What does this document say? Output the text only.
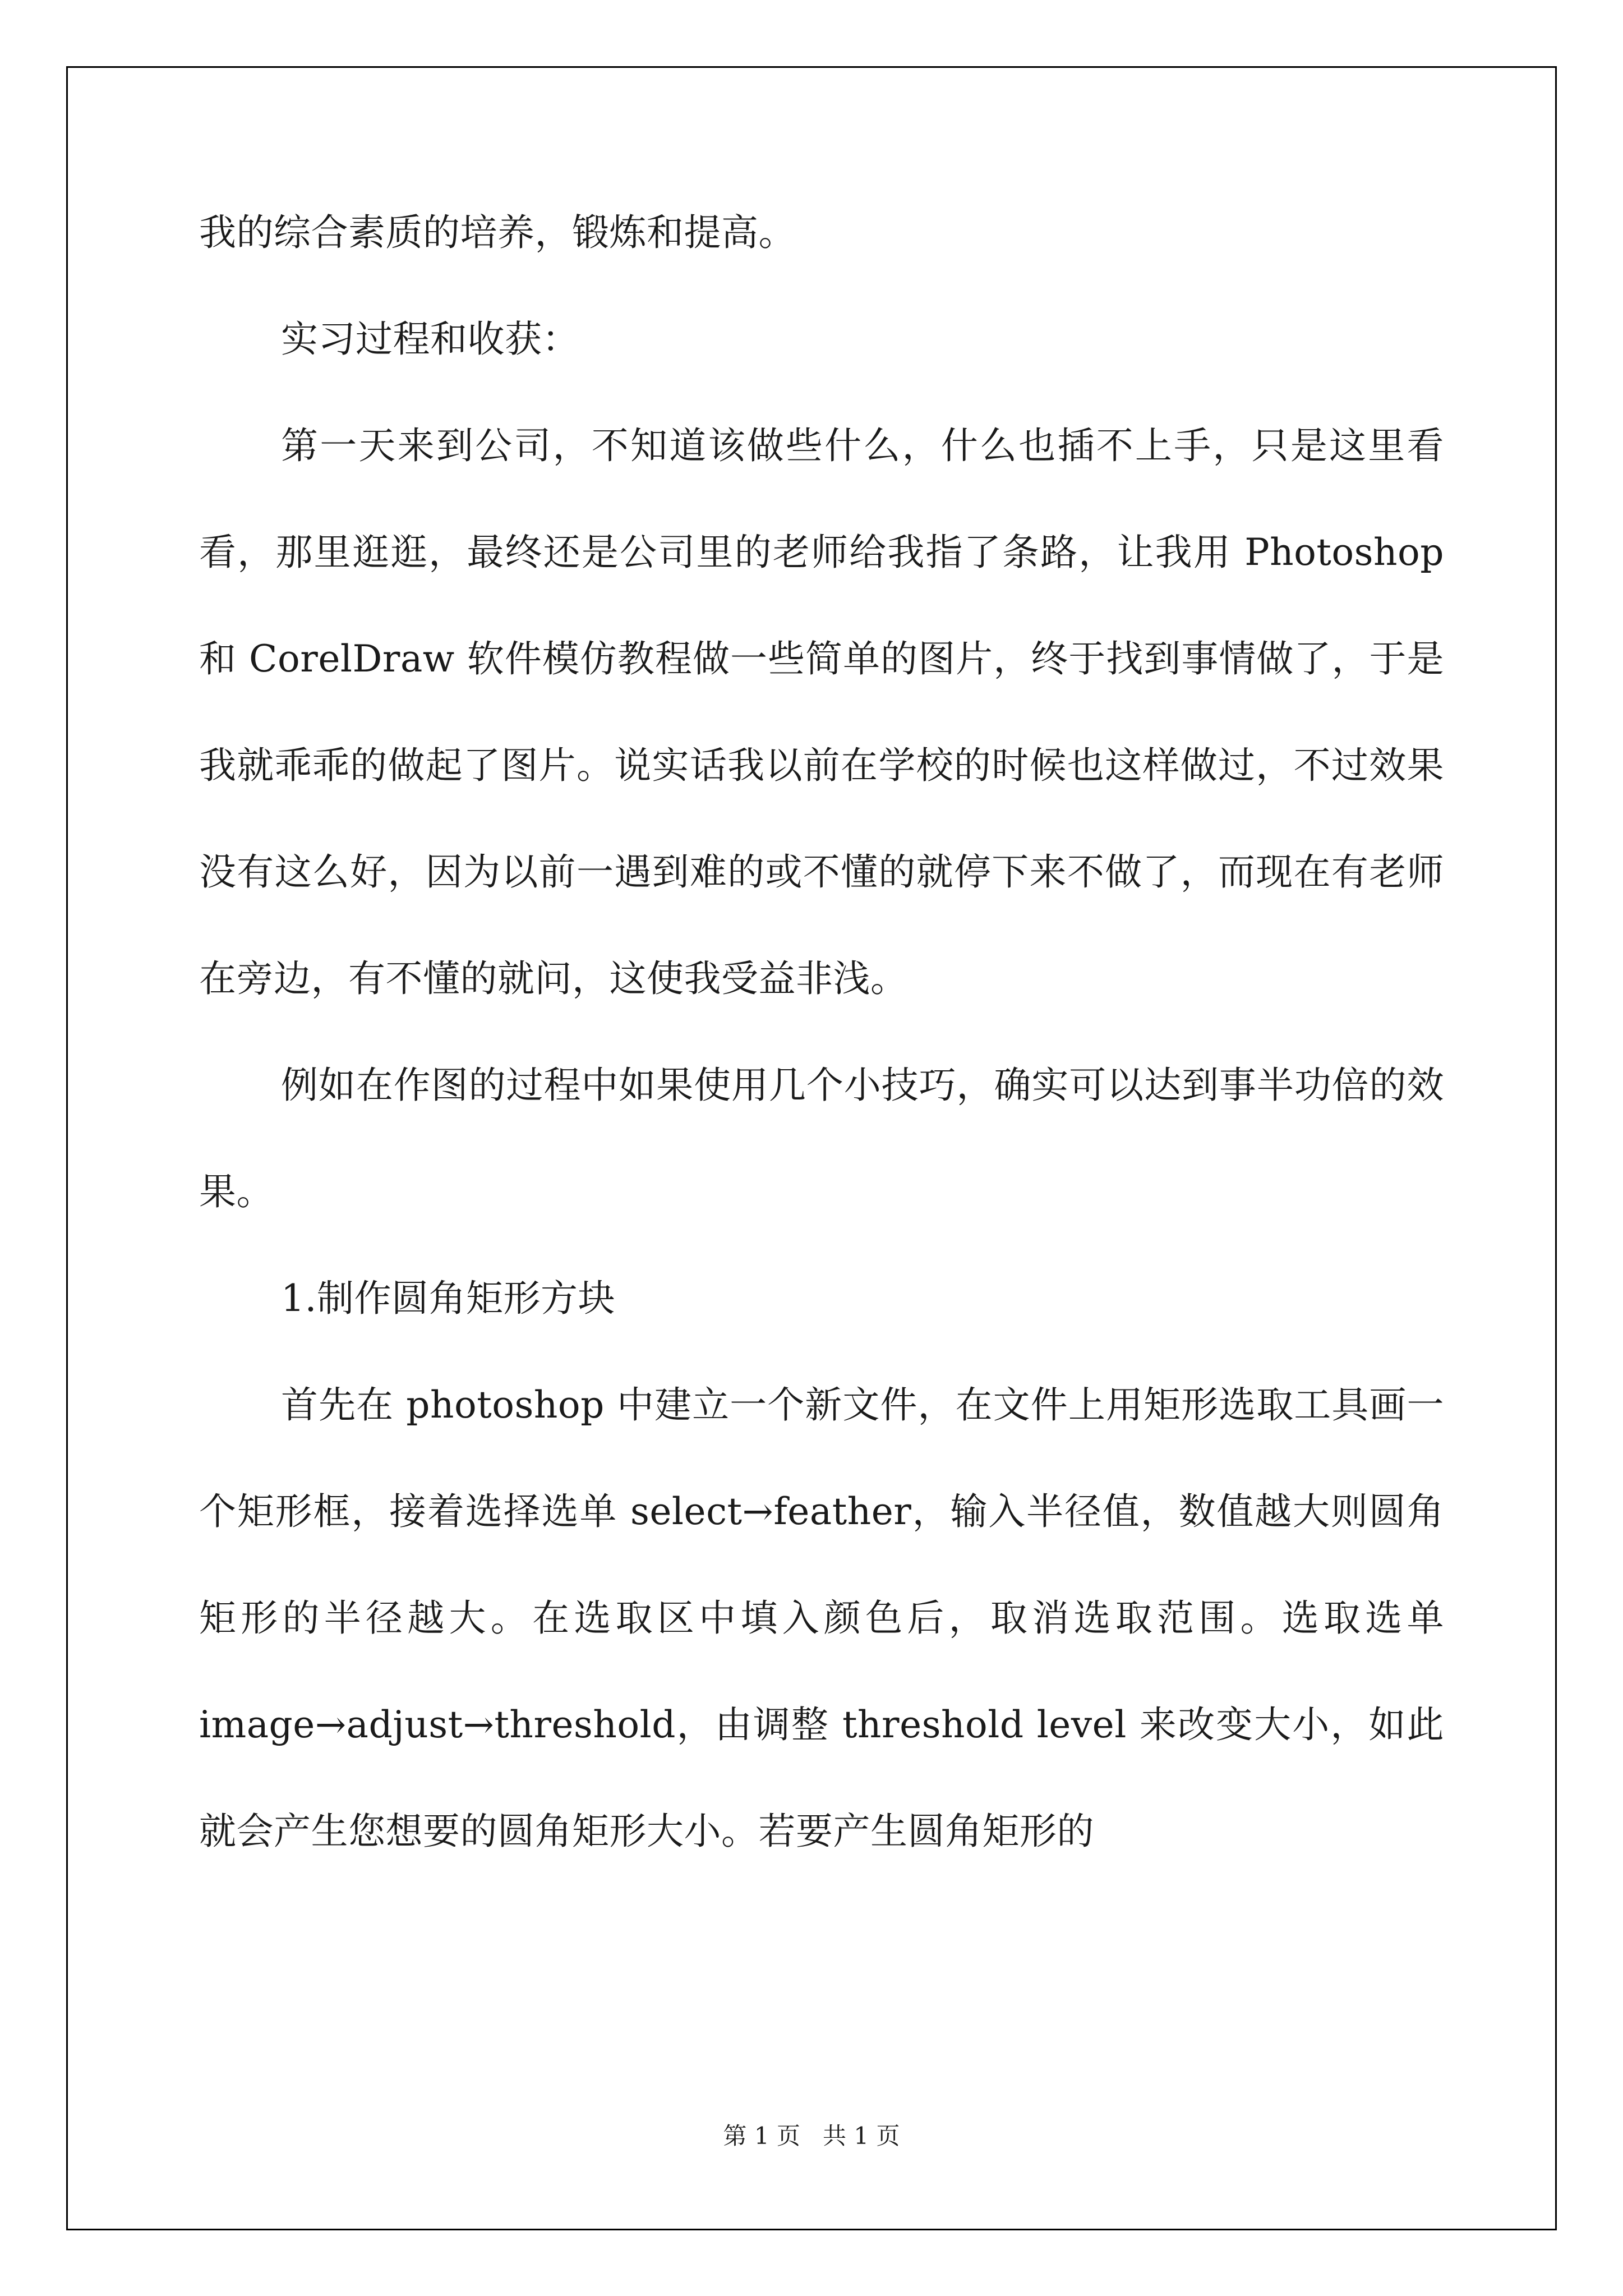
我的综合素质的培养，锻炼和提高。

实习过程和收获：

第一天来到公司，不知道该做些什么，什么也插不上手，只是这里看看，那里逛逛，最终还是公司里的老师给我指了条路，让我用 Photoshop 和 CorelDraw 软件模仿教程做一些简单的图片，终于找到事情做了，于是我就乖乖的做起了图片。说实话我以前在学校的时候也这样做过，不过效果没有这么好，因为以前一遇到难的或不懂的就停下来不做了，而现在有老师在旁边，有不懂的就问，这使我受益非浅。

例如在作图的过程中如果使用几个小技巧，确实可以达到事半功倍的效果。

1.制作圆角矩形方块

首先在 photoshop 中建立一个新文件，在文件上用矩形选取工具画一个矩形框，接着选择选单 select→feather，输入半径值，数值越大则圆角矩形的半径越大。在选取区中填入颜色后，取消选取范围。选取选单 image→adjust→threshold，由调整 threshold level 来改变大小，如此就会产生您想要的圆角矩形大小。若要产生圆角矩形的

第 1 页 共 1 页
